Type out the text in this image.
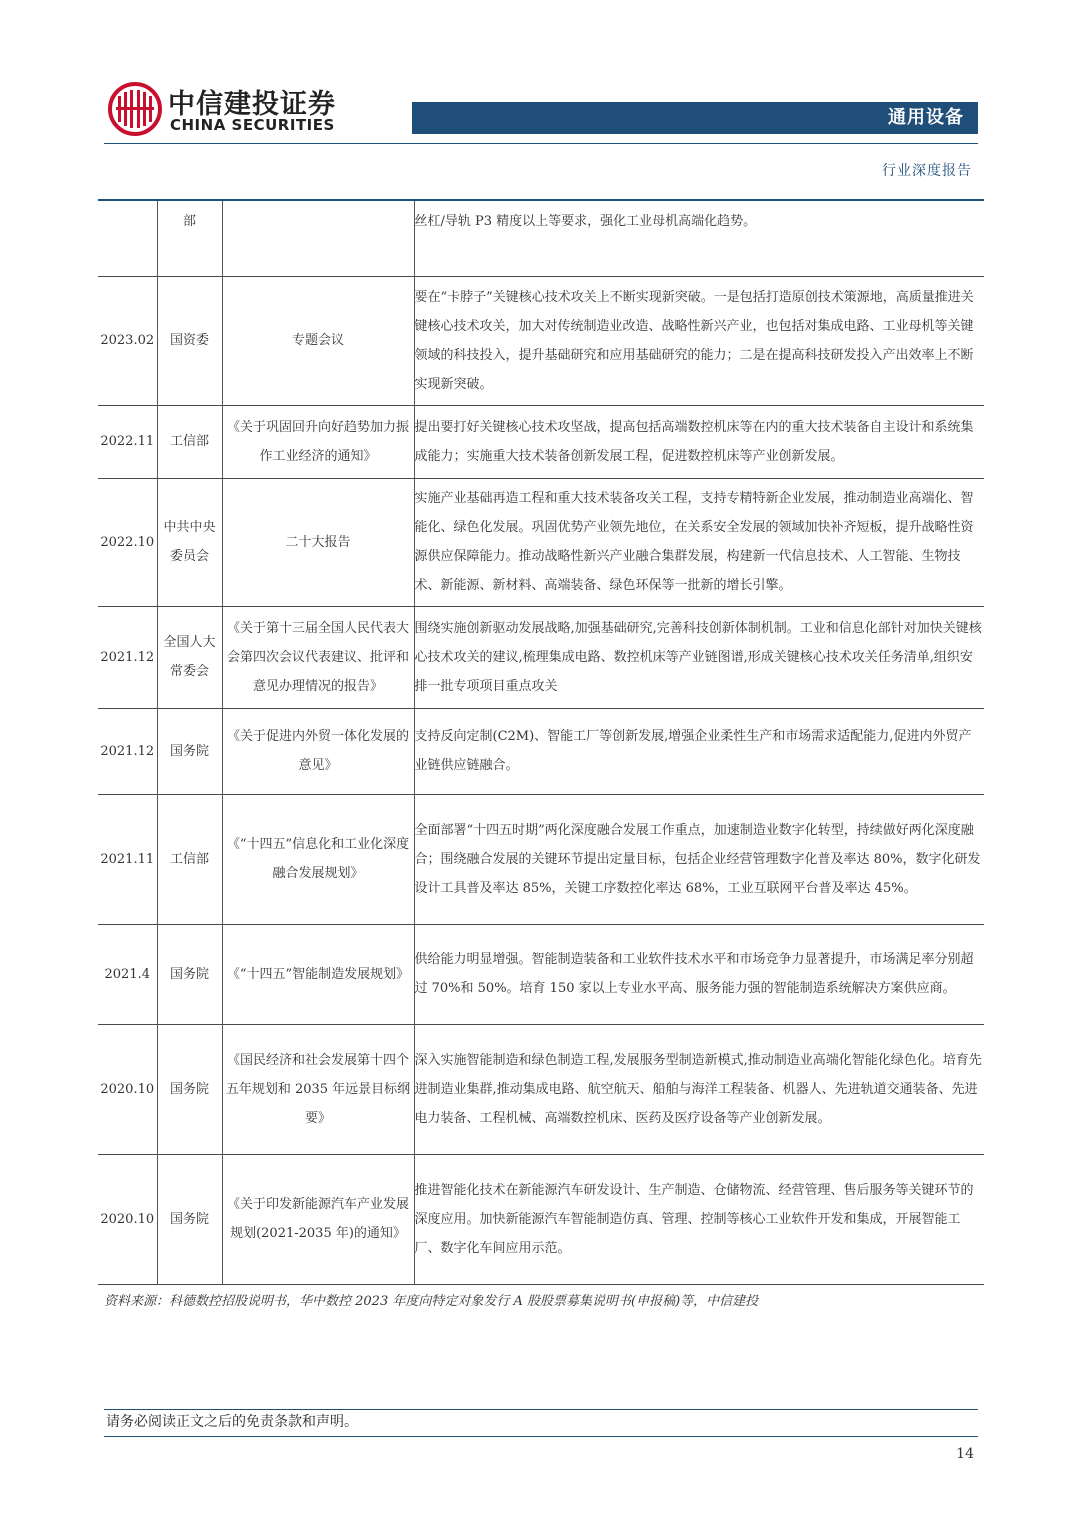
中信建投证券
CHINA SECURITIES	通用设备
行业深度报告

	部		丝杠/导轨 P3 精度以上等要求，强化工业母机高端化趋势。

2023.02	国资委	专题会议	要在“卡脖子”关键核心技术攻关上不断实现新突破。一是包括打造原创技术策源地，高质量推进关键核心技术攻关，加大对传统制造业改造、战略性新兴产业，也包括对集成电路、工业母机等关键领域的科技投入，提升基础研究和应用基础研究的能力；二是在提高科技研发投入产出效率上不断实现新突破。
2022.11	工信部	《关于巩固回升向好趋势加力振作工业经济的通知》	提出要打好关键核心技术攻坚战，提高包括高端数控机床等在内的重大技术装备自主设计和系统集成能力；实施重大技术装备创新发展工程，促进数控机床等产业创新发展。
2022.10	中共中央委员会	二十大报告	实施产业基础再造工程和重大技术装备攻关工程，支持专精特新企业发展，推动制造业高端化、智能化、绿色化发展。巩固优势产业领先地位，在关系安全发展的领域加快补齐短板，提升战略性资源供应保障能力。推动战略性新兴产业融合集群发展，构建新一代信息技术、人工智能、生物技术、新能源、新材料、高端装备、绿色环保等一批新的增长引擎。
2021.12	全国人大常委会	《关于第十三届全国人民代表大会第四次会议代表建议、批评和意见办理情况的报告》	围绕实施创新驱动发展战略,加强基础研究,完善科技创新体制机制。工业和信息化部针对加快关键核心技术攻关的建议,梳理集成电路、数控机床等产业链图谱,形成关键核心技术攻关任务清单,组织安排一批专项项目重点攻关
2021.12	国务院	《关于促进内外贸一体化发展的意见》	支持反向定制(C2M)、智能工厂等创新发展,增强企业柔性生产和市场需求适配能力,促进内外贸产业链供应链融合。
2021.11	工信部	《“十四五”信息化和工业化深度融合发展规划》	全面部署“十四五时期”两化深度融合发展工作重点，加速制造业数字化转型，持续做好两化深度融合；围绕融合发展的关键环节提出定量目标，包括企业经营管理数字化普及率达 80%，数字化研发设计工具普及率达 85%，关键工序数控化率达 68%，工业互联网平台普及率达 45%。
2021.4	国务院	《“十四五”智能制造发展规划》	供给能力明显增强。智能制造装备和工业软件技术水平和市场竞争力显著提升，市场满足率分别超过 70%和 50%。培育 150 家以上专业水平高、服务能力强的智能制造系统解决方案供应商。
2020.10	国务院	《国民经济和社会发展第十四个五年规划和 2035 年远景目标纲要》	深入实施智能制造和绿色制造工程,发展服务型制造新模式,推动制造业高端化智能化绿色化。培育先进制造业集群,推动集成电路、航空航天、船舶与海洋工程装备、机器人、先进轨道交通装备、先进电力装备、工程机械、高端数控机床、医药及医疗设备等产业创新发展。
2020.10	国务院	《关于印发新能源汽车产业发展规划(2021-2035 年)的通知》	推进智能化技术在新能源汽车研发设计、生产制造、仓储物流、经营管理、售后服务等关键环节的深度应用。加快新能源汽车智能制造仿真、管理、控制等核心工业软件开发和集成，开展智能工厂、数字化车间应用示范。
资料来源：科德数控招股说明书，华中数控 2023 年度向特定对象发行 A 股股票募集说明书(申报稿)等，中信建投
请务必阅读正文之后的免责条款和声明。
14
